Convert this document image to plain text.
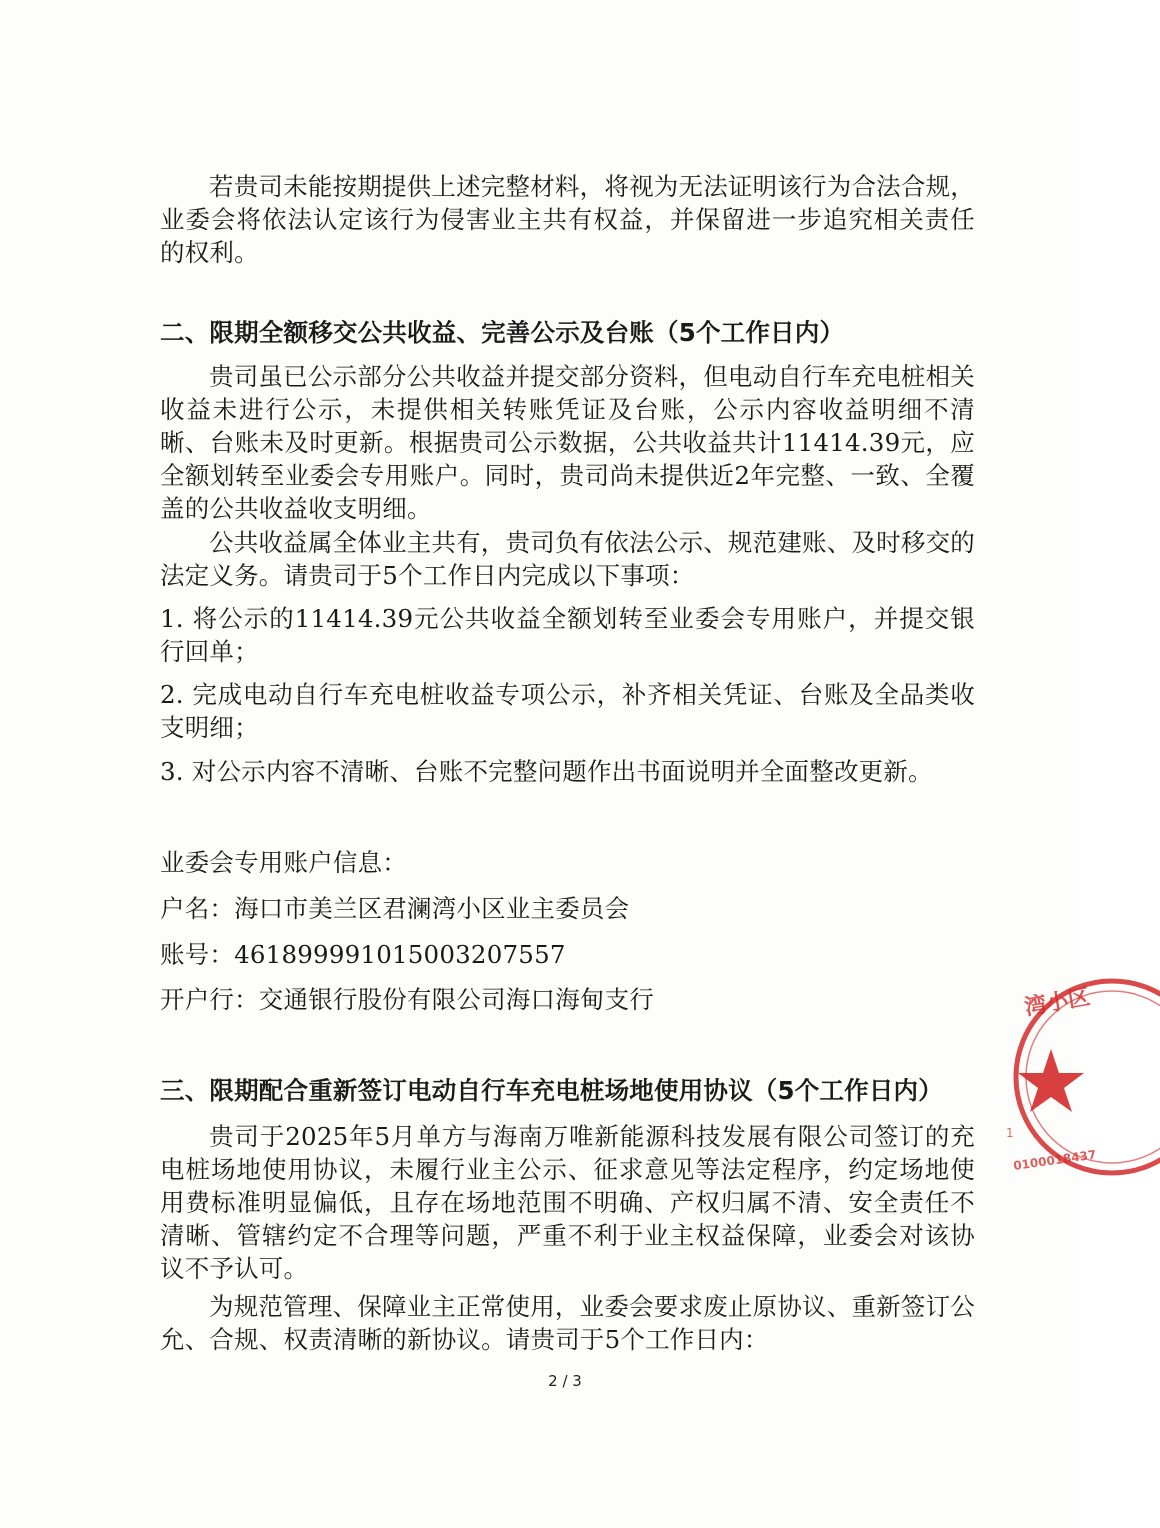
若贵司未能按期提供上述完整材料，将视为无法证明该行为合法合规，业委会将依法认定该行为侵害业主共有权益，并保留进一步追究相关责任的权利。

二、限期全额移交公共收益、完善公示及台账（5个工作日内）

贵司虽已公示部分公共收益并提交部分资料，但电动自行车充电桩相关收益未进行公示，未提供相关转账凭证及台账，公示内容收益明细不清晰、台账未及时更新。根据贵司公示数据，公共收益共计11414.39元，应全额划转至业委会专用账户。同时，贵司尚未提供近2年完整、一致、全覆盖的公共收益收支明细。

公共收益属全体业主共有，贵司负有依法公示、规范建账、及时移交的法定义务。请贵司于5个工作日内完成以下事项：

1. 将公示的11414.39元公共收益全额划转至业委会专用账户，并提交银行回单；

2. 完成电动自行车充电桩收益专项公示，补齐相关凭证、台账及全品类收支明细；

3. 对公示内容不清晰、台账不完整问题作出书面说明并全面整改更新。

业委会专用账户信息：

户名：海口市美兰区君澜湾小区业主委员会

账号：461899991015003207557

开户行：交通银行股份有限公司海口海甸支行

三、限期配合重新签订电动自行车充电桩场地使用协议（5个工作日内）

贵司于2025年5月单方与海南万唯新能源科技发展有限公司签订的充电桩场地使用协议，未履行业主公示、征求意见等法定程序，约定场地使用费标准明显偏低，且存在场地范围不明确、产权归属不清、安全责任不清晰、管辖约定不合理等问题，严重不利于业主权益保障，业委会对该协议不予认可。

为规范管理、保障业主正常使用，业委会要求废止原协议、重新签订公允、合规、权责清晰的新协议。请贵司于5个工作日内：

2 / 3
湾小区
0100018437
1
